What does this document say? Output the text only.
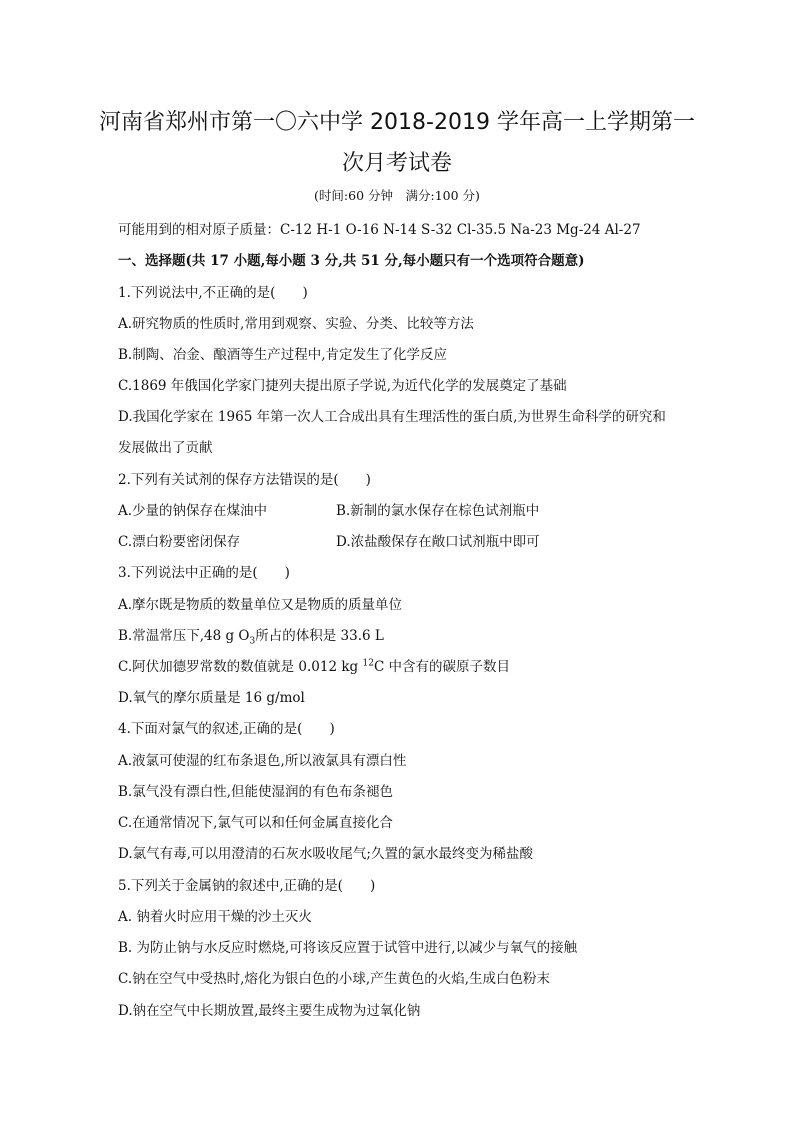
河南省郑州市第一〇六中学 2018-2019 学年高一上学期第一
次月考试卷
(时间:60 分钟　满分:100 分)
可能用到的相对原子质量：C-12 H-1 O-16 N-14 S-32 Cl-35.5 Na-23 Mg-24 Al-27
一、选择题(共 17 小题,每小题 3 分,共 51 分,每小题只有一个选项符合题意)
1.下列说法中,不正确的是(　　)
A.研究物质的性质时,常用到观察、实验、分类、比较等方法
B.制陶、冶金、酿酒等生产过程中,肯定发生了化学反应
C.1869 年俄国化学家门捷列夫提出原子学说,为近代化学的发展奠定了基础
D.我国化学家在 1965 年第一次人工合成出具有生理活性的蛋白质,为世界生命科学的研究和
发展做出了贡献
2.下列有关试剂的保存方法错误的是(　　)
A.少量的钠保存在煤油中	B.新制的氯水保存在棕色试剂瓶中
C.漂白粉要密闭保存	D.浓盐酸保存在敞口试剂瓶中即可
3.下列说法中正确的是(　　)
A.摩尔既是物质的数量单位又是物质的质量单位
B.常温常压下,48 g $O_3$所占的体积是 33.6 L
C.阿伏加德罗常数的数值就是 0.012 kg $^{12}$C 中含有的碳原子数目
D.氧气的摩尔质量是 16 g/mol
4.下面对氯气的叙述,正确的是(　　)
A.液氯可使湿的红布条退色,所以液氯具有漂白性
B.氯气没有漂白性,但能使湿润的有色布条褪色
C.在通常情况下,氯气可以和任何金属直接化合
D.氯气有毒,可以用澄清的石灰水吸收尾气;久置的氯水最终变为稀盐酸
5.下列关于金属钠的叙述中,正确的是(　　)
A. 钠着火时应用干燥的沙土灭火
B. 为防止钠与水反应时燃烧,可将该反应置于试管中进行,以减少与氧气的接触
C.钠在空气中受热时,熔化为银白色的小球,产生黄色的火焰,生成白色粉末
D.钠在空气中长期放置,最终主要生成物为过氧化钠
